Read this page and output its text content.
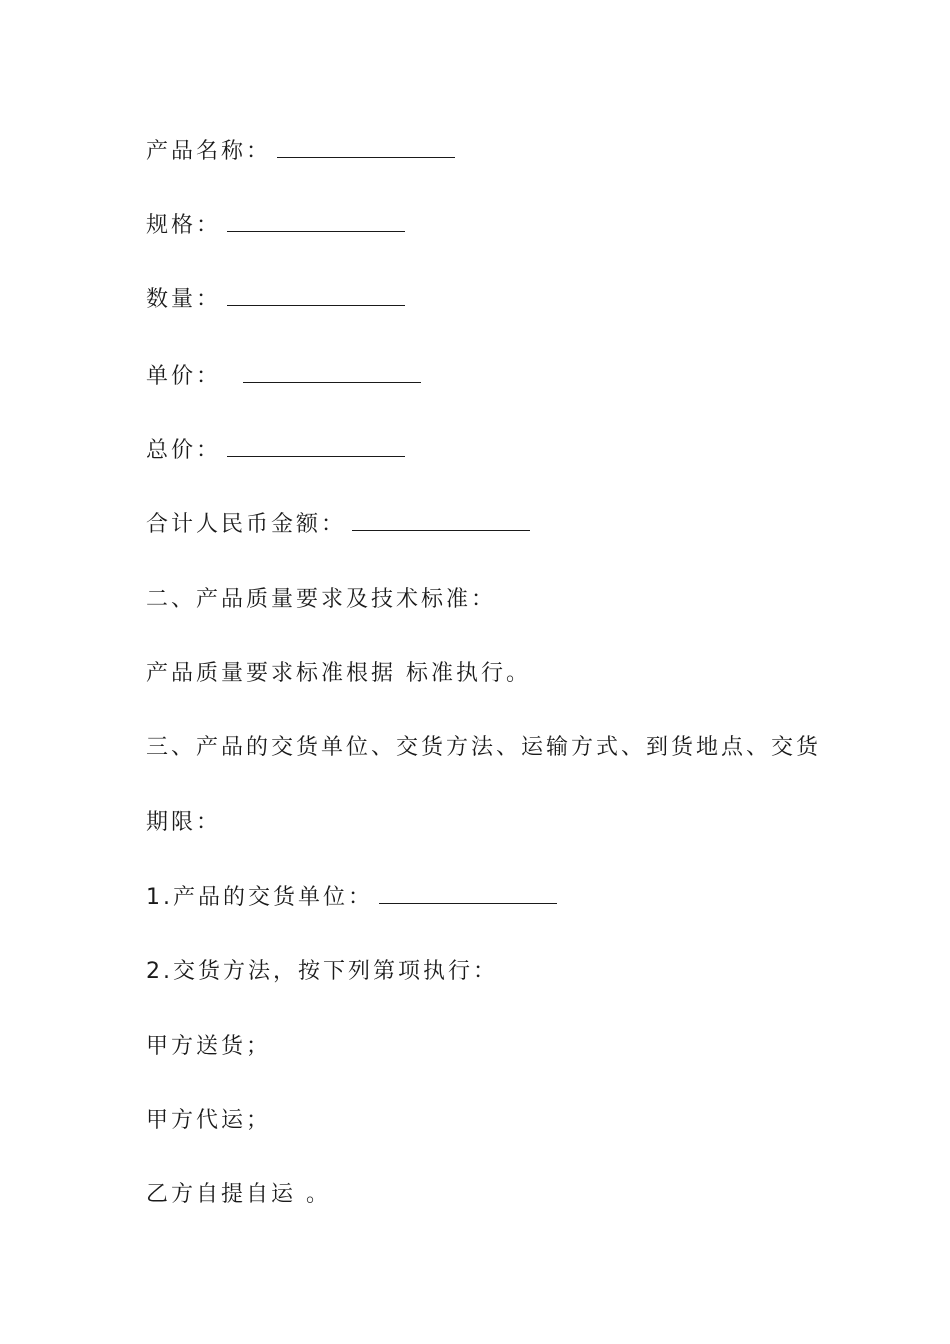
产品名称：
规格：
数量：
单价：
总价：
合计人民币金额：
二、产品质量要求及技术标准：
产品质量要求标准根据 标准执行。
三、产品的交货单位、交货方法、运输方式、到货地点、交货
期限：
1.产品的交货单位：
2.交货方法，按下列第项执行：
甲方送货；
甲方代运；
乙方自提自运 。
